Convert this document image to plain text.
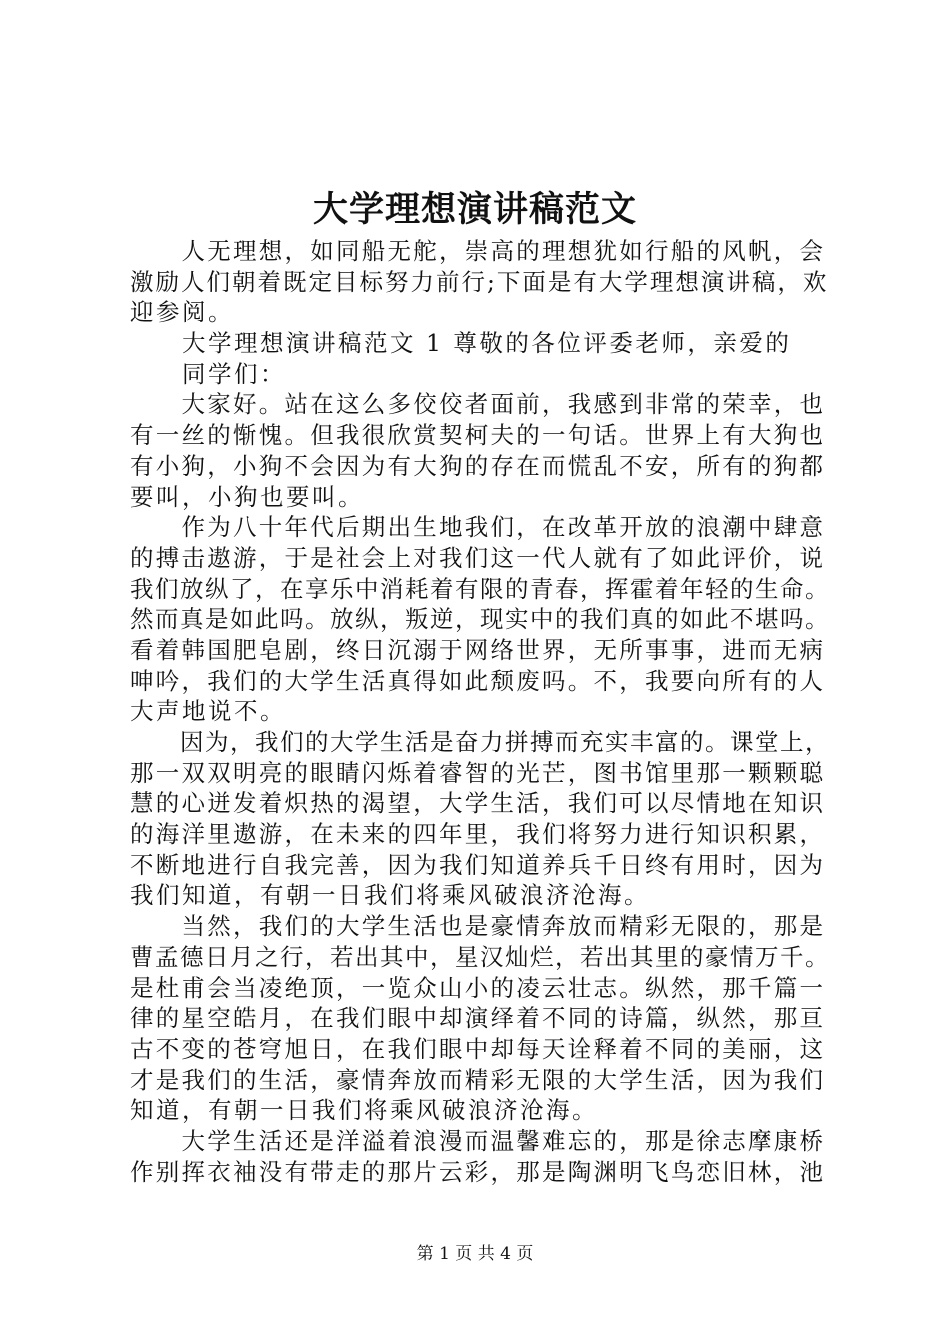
大学理想演讲稿范文
　　人无理想，如同船无舵，崇高的理想犹如行船的风帆，会
激励人们朝着既定目标努力前行;下面是有大学理想演讲稿，欢
迎参阅。
　　大学理想演讲稿范文 1 尊敬的各位评委老师，亲爱的
　　同学们：
　　大家好。站在这么多佼佼者面前，我感到非常的荣幸，也
有一丝的惭愧。但我很欣赏契柯夫的一句话。世界上有大狗也
有小狗，小狗不会因为有大狗的存在而慌乱不安，所有的狗都
要叫，小狗也要叫。
　　作为八十年代后期出生地我们，在改革开放的浪潮中肆意
的搏击遨游，于是社会上对我们这一代人就有了如此评价，说
我们放纵了，在享乐中消耗着有限的青春，挥霍着年轻的生命。
然而真是如此吗。放纵，叛逆，现实中的我们真的如此不堪吗。
看着韩国肥皂剧，终日沉溺于网络世界，无所事事，进而无病
呻吟，我们的大学生活真得如此颓废吗。不，我要向所有的人
大声地说不。
　　因为，我们的大学生活是奋力拼搏而充实丰富的。课堂上，
那一双双明亮的眼睛闪烁着睿智的光芒，图书馆里那一颗颗聪
慧的心迸发着炽热的渴望，大学生活，我们可以尽情地在知识
的海洋里遨游，在未来的四年里，我们将努力进行知识积累，
不断地进行自我完善，因为我们知道养兵千日终有用时，因为
我们知道，有朝一日我们将乘风破浪济沧海。
　　当然，我们的大学生活也是豪情奔放而精彩无限的，那是
曹孟德日月之行，若出其中，星汉灿烂，若出其里的豪情万千。
是杜甫会当凌绝顶，一览众山小的凌云壮志。纵然，那千篇一
律的星空皓月，在我们眼中却演绎着不同的诗篇，纵然，那亘
古不变的苍穹旭日，在我们眼中却每天诠释着不同的美丽，这
才是我们的生活，豪情奔放而精彩无限的大学生活，因为我们
知道，有朝一日我们将乘风破浪济沧海。
　　大学生活还是洋溢着浪漫而温馨难忘的，那是徐志摩康桥
作别挥衣袖没有带走的那片云彩，那是陶渊明飞鸟恋旧林，池
第 1 页 共 4 页
